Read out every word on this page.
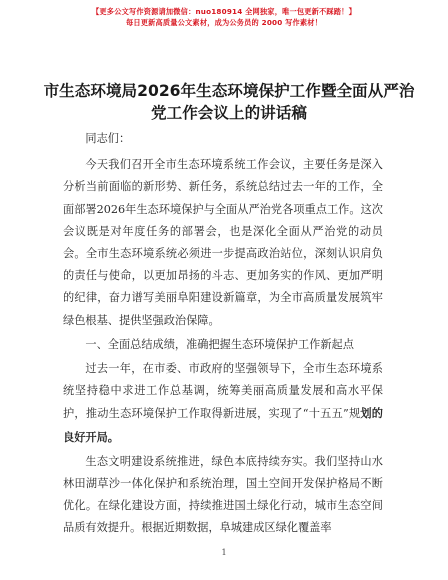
【更多公文写作资源请加微信：nuo180914 全网独家，唯一包更新不踩踏！】
每日更新高质量公文素材，成为公务员的 2000 写作素材！
市生态环境局2026年生态环境保护工作暨全面从严治党工作会议上的讲话稿

同志们：

今天我们召开全市生态环境系统工作会议，主要任务是深入分析当前面临的新形势、新任务，系统总结过去一年的工作，全面部署2026年生态环境保护与全面从严治党各项重点工作。这次会议既是对年度任务的部署会，也是深化全面从严治党的动员会。全市生态环境系统必须进一步提高政治站位，深刻认识肩负的责任与使命，以更加昂扬的斗志、更加务实的作风、更加严明的纪律，奋力谱写美丽阜阳建设新篇章，为全市高质量发展筑牢绿色根基、提供坚强政治保障。

一、全面总结成绩，准确把握生态环境保护工作新起点

过去一年，在市委、市政府的坚强领导下，全市生态环境系统坚持稳中求进工作总基调，统筹美丽高质量发展和高水平保护，推动生态环境保护工作取得新进展，实现了“十五五”规划的良好开局。

生态文明建设系统推进，绿色本底持续夯实。我们坚持山水林田湖草沙一体化保护和系统治理，国土空间开发保护格局不断优化。在绿化建设方面，持续推进国土绿化行动，城市生态空间品质有效提升。根据近期数据，阜城建成区绿化覆盖率

1
